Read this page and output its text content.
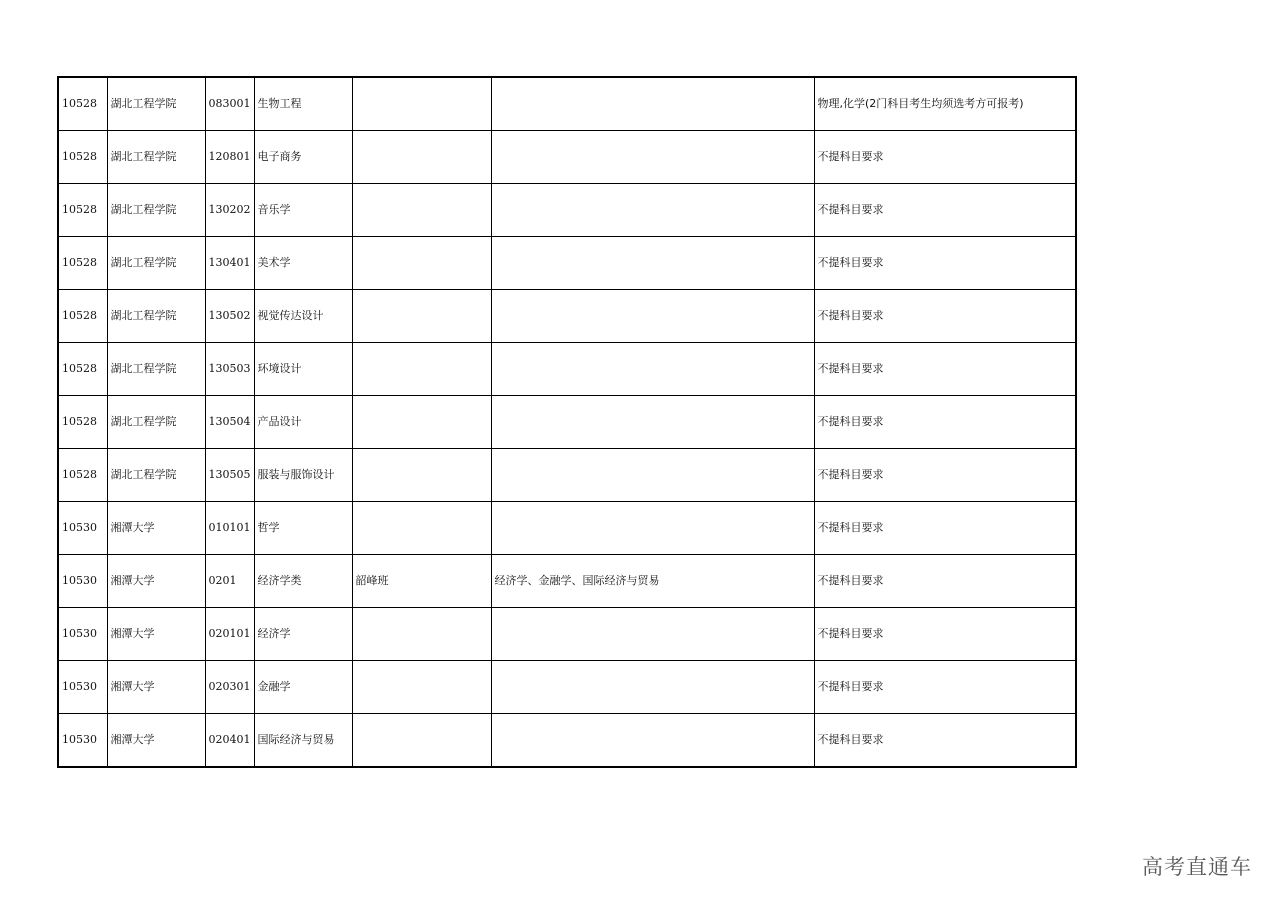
10528	湖北工程学院	083001	生物工程			物理,化学(2门科目考生均须选考方可报考)
10528	湖北工程学院	120801	电子商务			不提科目要求
10528	湖北工程学院	130202	音乐学			不提科目要求
10528	湖北工程学院	130401	美术学			不提科目要求
10528	湖北工程学院	130502	视觉传达设计			不提科目要求
10528	湖北工程学院	130503	环境设计			不提科目要求
10528	湖北工程学院	130504	产品设计			不提科目要求
10528	湖北工程学院	130505	服装与服饰设计			不提科目要求
10530	湘潭大学	010101	哲学			不提科目要求
10530	湘潭大学	0201	经济学类	韶峰班	经济学、金融学、国际经济与贸易	不提科目要求
10530	湘潭大学	020101	经济学			不提科目要求
10530	湘潭大学	020301	金融学			不提科目要求
10530	湘潭大学	020401	国际经济与贸易			不提科目要求
高考直通车
